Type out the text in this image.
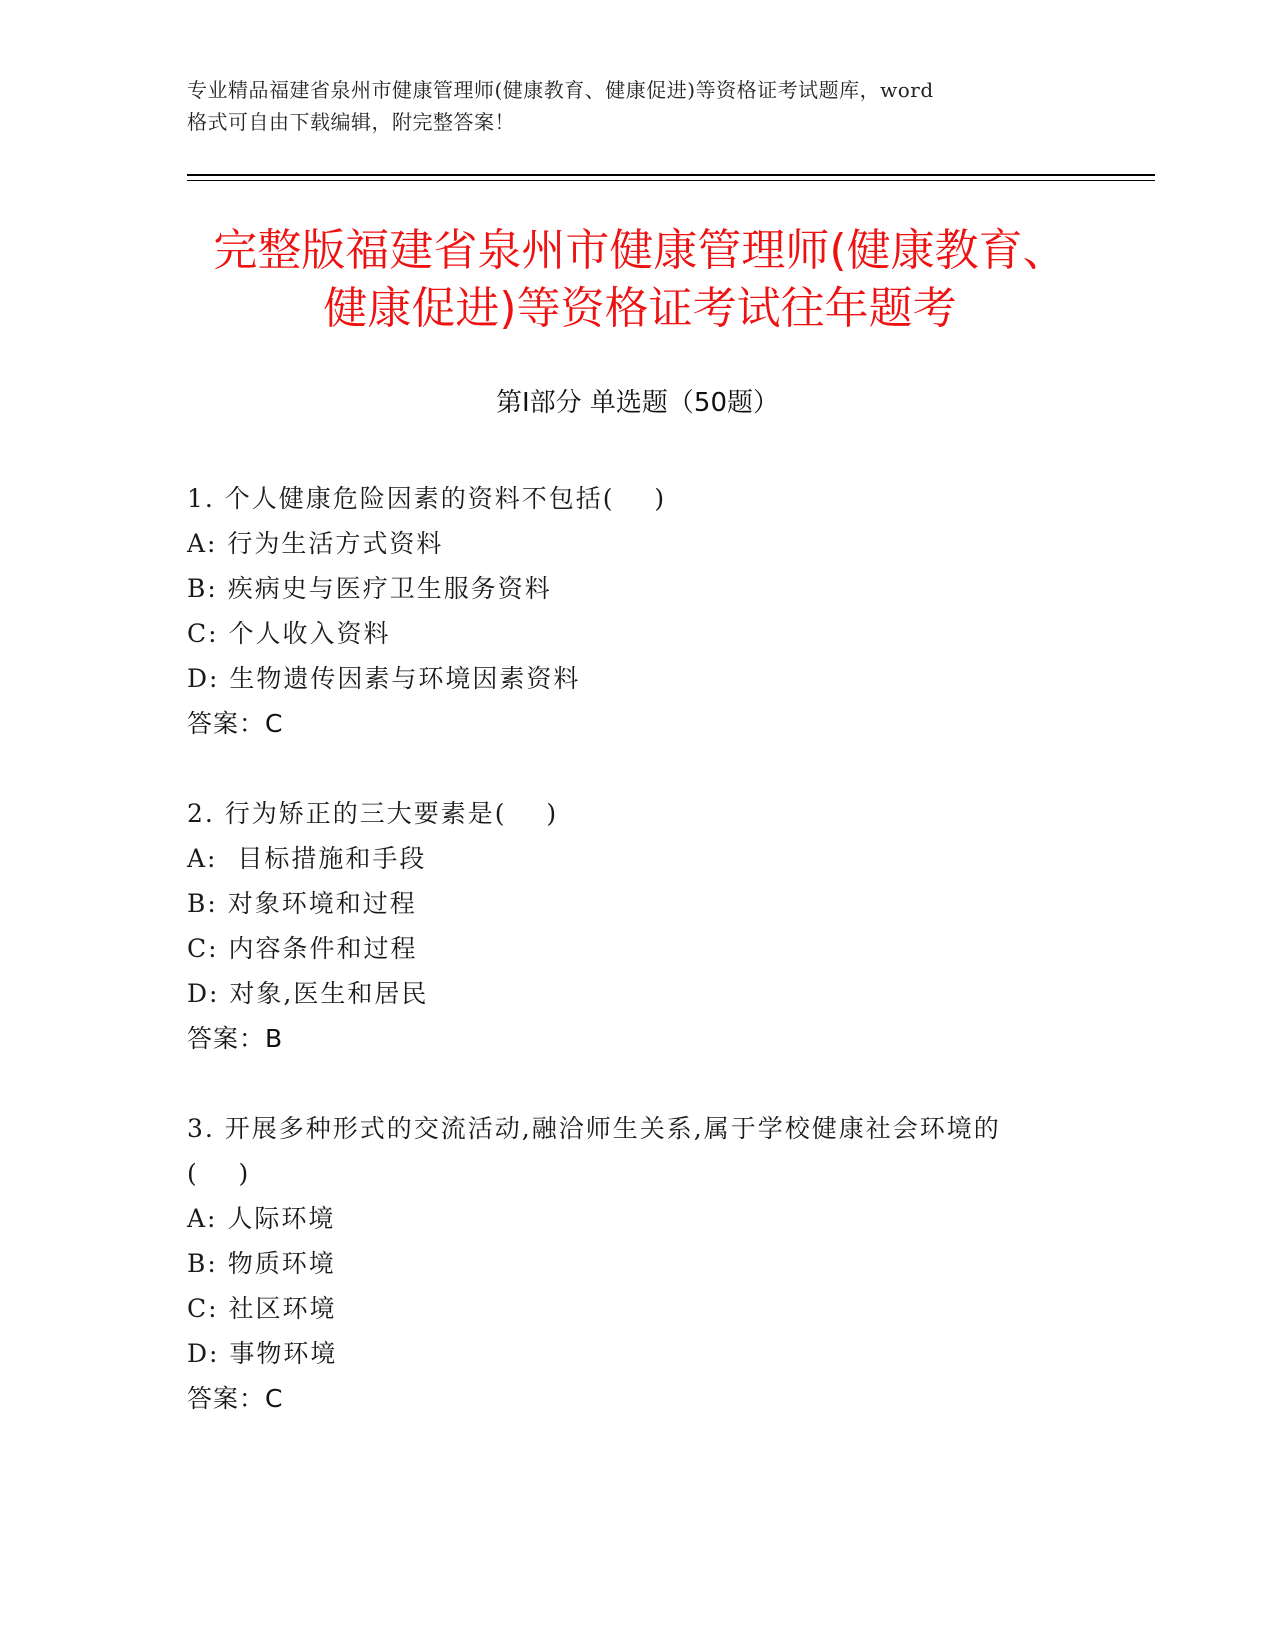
专业精品福建省泉州市健康管理师(健康教育、健康促进)等资格证考试题库，word
格式可自由下载编辑，附完整答案！
完整版福建省泉州市健康管理师(健康教育、
健康促进)等资格证考试往年题考
第Ⅰ部分 单选题（50题）
1. 个人健康危险因素的资料不包括(    )
A: 行为生活方式资料
B: 疾病史与医疗卫生服务资料
C: 个人收入资料
D: 生物遗传因素与环境因素资料
答案：C
2. 行为矫正的三大要素是(    )
A:  目标措施和手段
B: 对象环境和过程
C: 内容条件和过程
D: 对象,医生和居民
答案：B
3. 开展多种形式的交流活动,融洽师生关系,属于学校健康社会环境的
(    )
A: 人际环境
B: 物质环境
C: 社区环境
D: 事物环境
答案：C
